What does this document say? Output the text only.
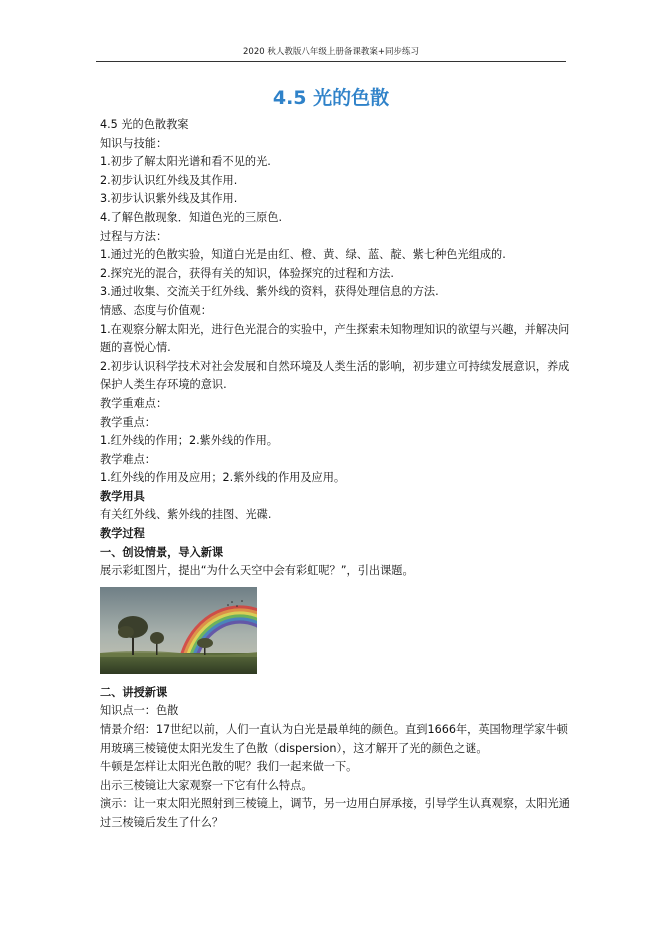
2020 秋人教版八年级上册备课教案+同步练习
4.5 光的色散

4.5 光的色散教案

知识与技能：

1.初步了解太阳光谱和看不见的光.

2.初步认识红外线及其作用.

3.初步认识紫外线及其作用.

4.了解色散现象．知道色光的三原色.

过程与方法：

1.通过光的色散实验，知道白光是由红、橙、黄、绿、蓝、靛、紫七种色光组成的.

2.探究光的混合，获得有关的知识，体验探究的过程和方法.

3.通过收集、交流关于红外线、紫外线的资料，获得处理信息的方法.

情感、态度与价值观：

1.在观察分解太阳光，进行色光混合的实验中，产生探索未知物理知识的欲望与兴趣，并解决问题的喜悦心情.

2.初步认识科学技术对社会发展和自然环境及人类生活的影响，初步建立可持续发展意识，养成保护人类生存环境的意识.

教学重难点：

教学重点：

1.红外线的作用；2.紫外线的作用。

教学难点：

1.红外线的作用及应用；2.紫外线的作用及应用。

教学用具

有关红外线、紫外线的挂图、光碟.

教学过程

一、创设情景，导入新课

展示彩虹图片，提出“为什么天空中会有彩虹呢？”，引出课题。

二、讲授新课

知识点一：色散

情景介绍：17世纪以前，人们一直认为白光是最单纯的颜色。直到1666年，英国物理学家牛顿用玻璃三棱镜使太阳光发生了色散（dispersion），这才解开了光的颜色之谜。

牛顿是怎样让太阳光色散的呢？我们一起来做一下。

出示三棱镜让大家观察一下它有什么特点。

演示：让一束太阳光照射到三棱镜上，调节，另一边用白屏承接，引导学生认真观察，太阳光通过三棱镜后发生了什么？
